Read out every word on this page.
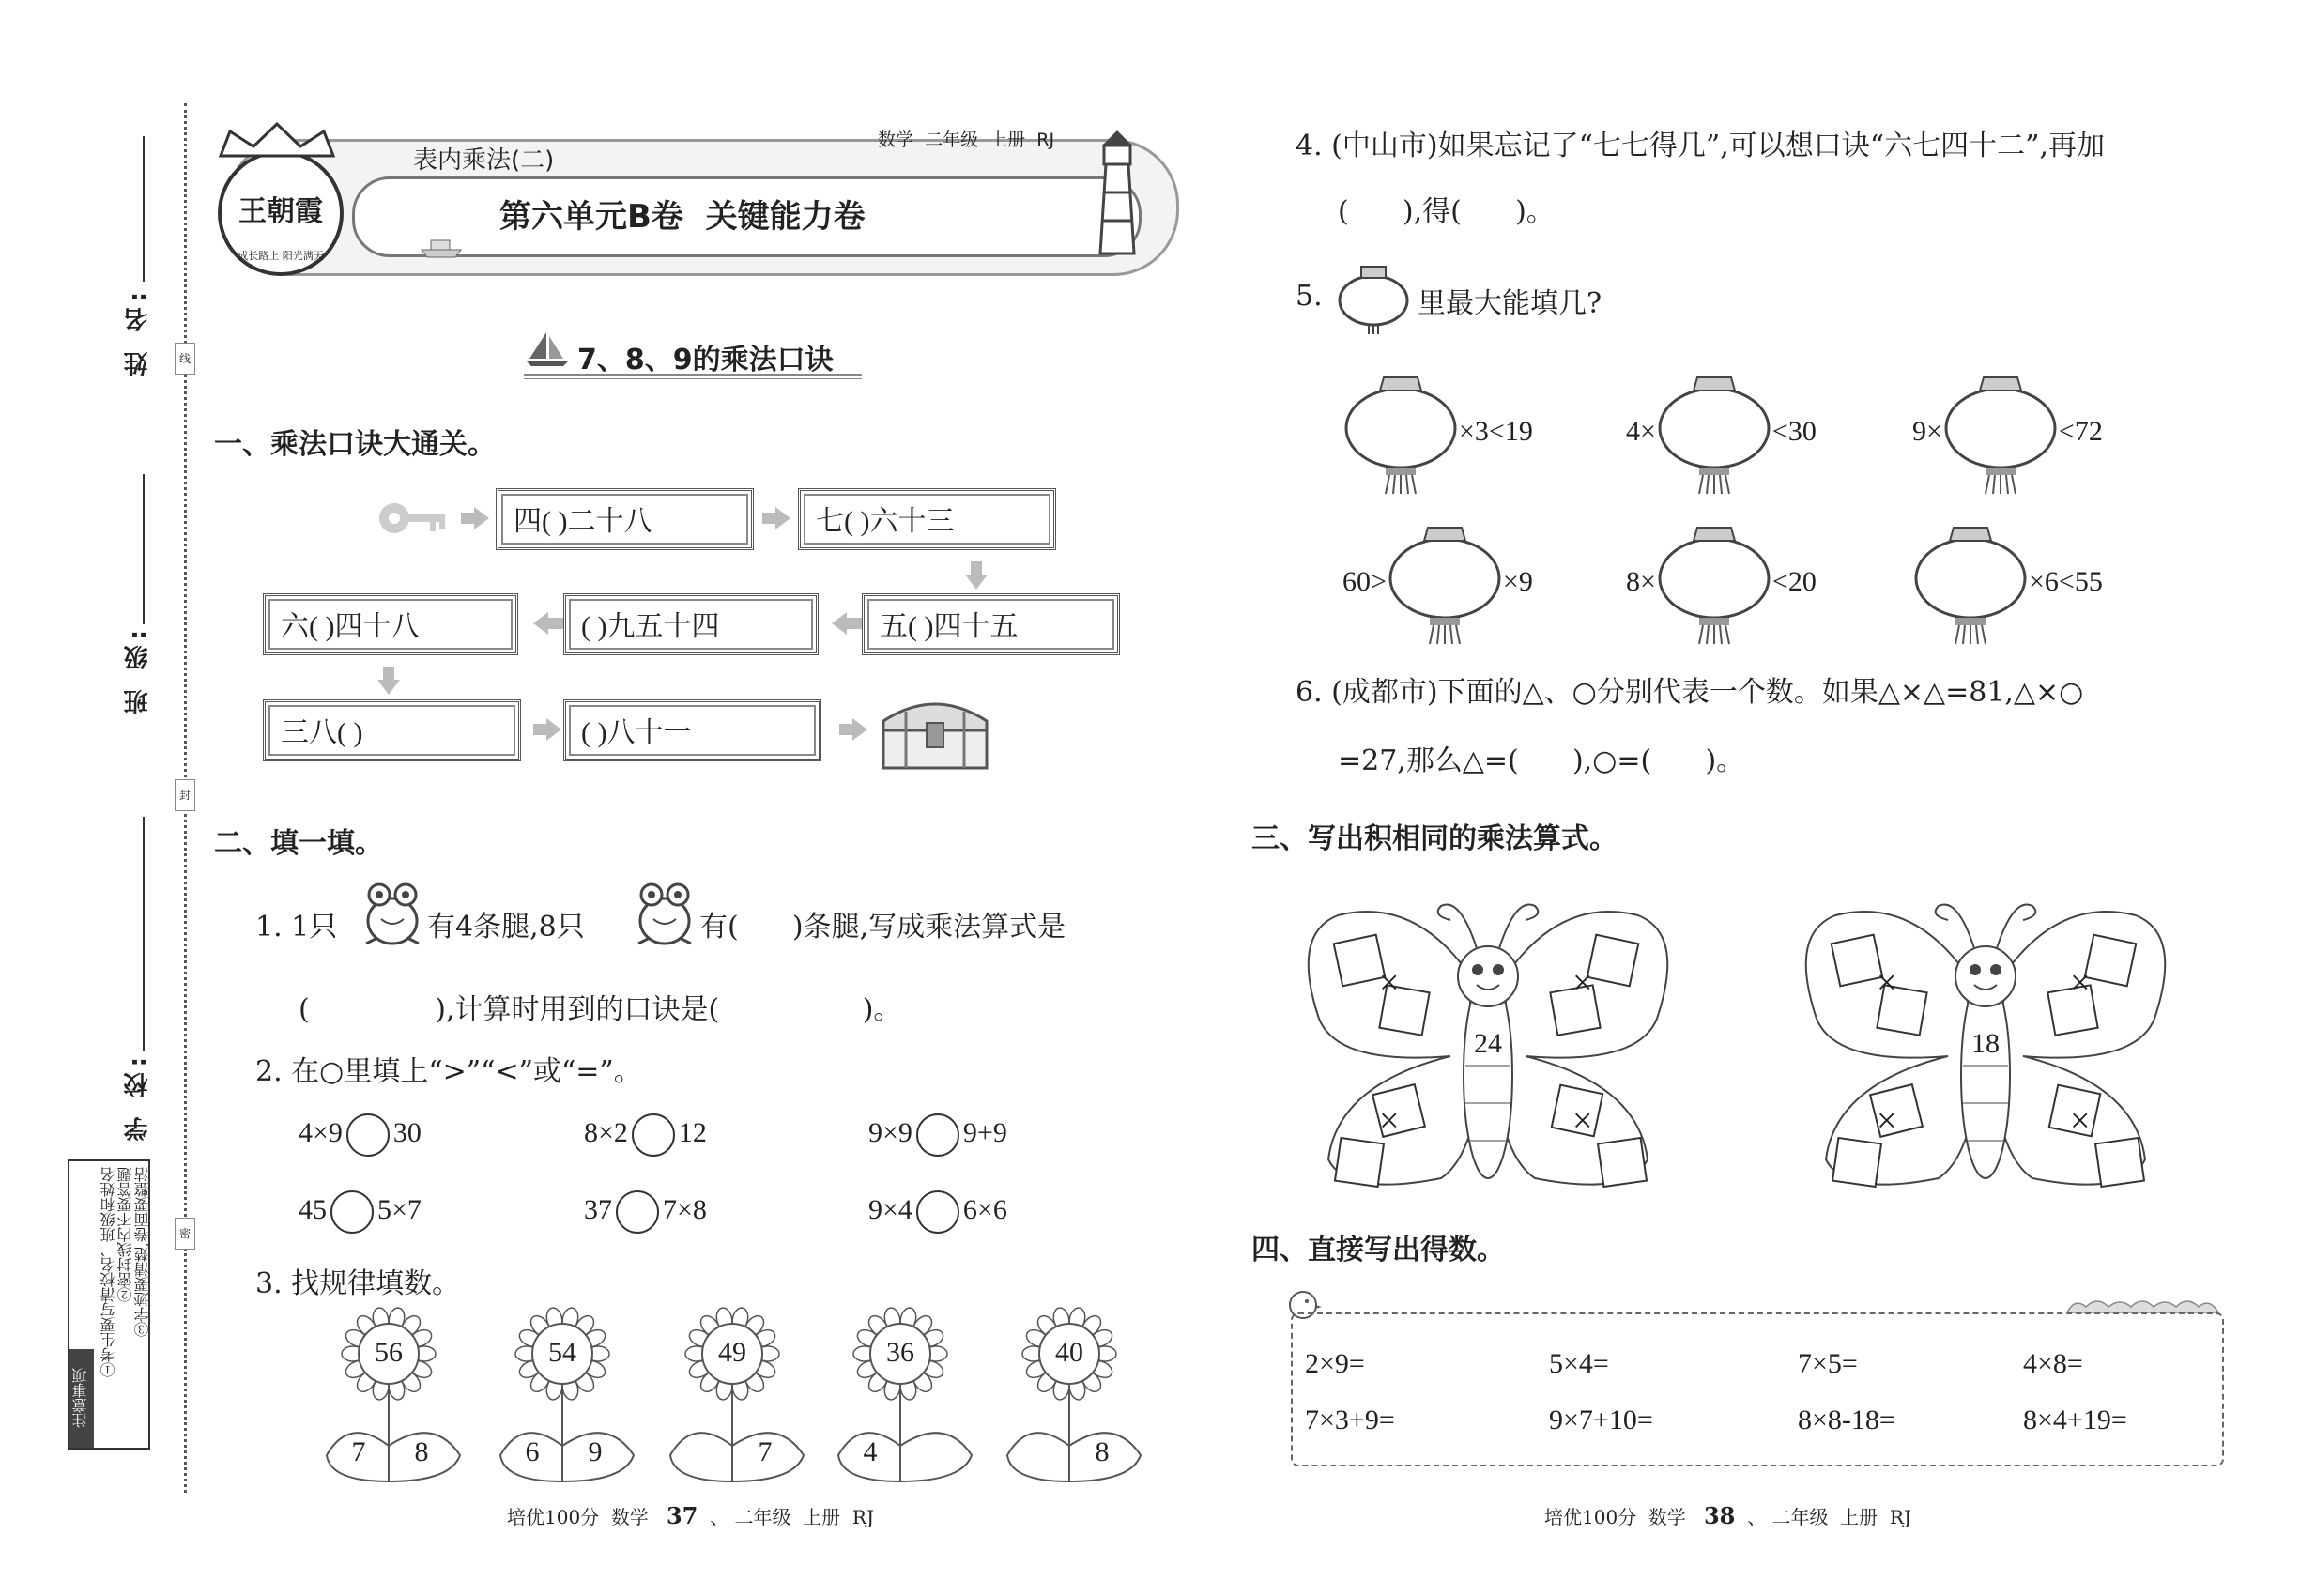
线
封
密
姓 名:
班 级:
学 校:
注意事项
①考生要写清校名、班级和姓名 ②密封线内不要答题 ③字迹要清楚,卷面要整洁
王朝霞
成长路上 阳光满天
表内乘法(二)
数学  二年级  上册  RJ
第六单元B卷  关键能力卷
7、8、9的乘法口诀
一、乘法口诀大通关。
四( )二十八	七( )六十三
六( )四十八	( )九五十四	五( )四十五
三八( )	( )八十一
二、填一填。
1. 1只	有4条腿,8只	有(      )条腿,写成乘法算式是
(              ),计算时用到的口诀是(                )。
2. 在○里填上“>”“<”或“=”。
4×9 30	8×2 12	9×9 9+9
45 5×7	37 7×8	9×4 6×6
3. 找规律填数。
56
7 8
54
6 9
49
7
36
4
40
8
4. (中山市)如果忘记了“七七得几”,可以想口诀“六七四十二”,再加
(      ),得(      )。
5.	里最大能填几?
×3<19	4×	<30	9×	<72
60>	×9	8×	<20	×6<55
6. (成都市)下面的△、○分别代表一个数。如果△×△=81,△×○
=27,那么△=(      ),○=(      )。
三、写出积相同的乘法算式。
24
×
×
×
×
18
×
×
×
×
四、直接写出得数。
2×9=	5×4=	7×5=	4×8=
7×3+9=	9×7+10=	8×8-18=	8×4+19=
培优100分  数学 37  、 二年级  上册  RJ	培优100分  数学 38  、 二年级  上册  RJ
